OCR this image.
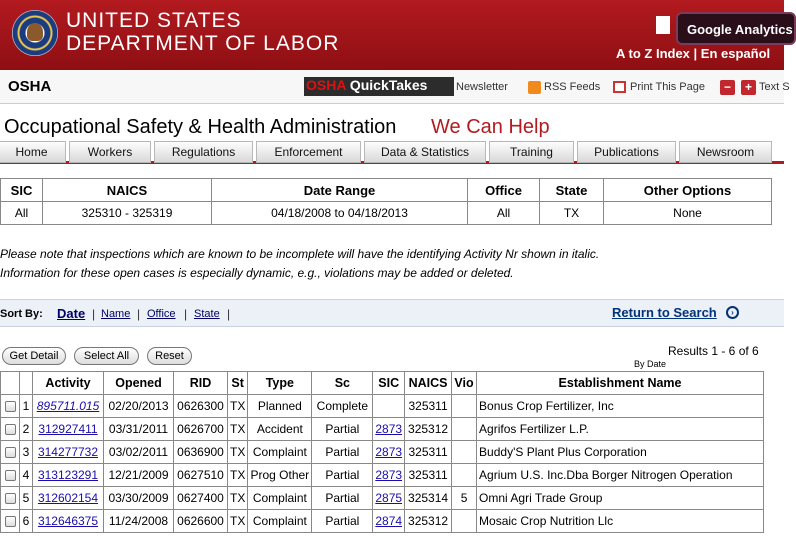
UNITED STATES
DEPARTMENT OF LABOR
Google Analytics
A to Z Index | En español
OSHA	OSHA QuickTakes	Newsletter	RSS Feeds	Print This Page	−	+ Text S
Occupational Safety & Health Administration We Can Help
Home	Workers	Regulations	Enforcement	Data & Statistics	Training	Publications	Newsroom
SIC	NAICS	Date Range	Office	State	Other Options
All	325310 - 325319	04/18/2008 to 04/18/2013	All	TX	None
Please note that inspections which are known to be incomplete will have the identifying Activity Nr shown in italic.
Information for these open cases is especially dynamic, e.g., violations may be added or deleted.
Sort By: Date | Name | Office | State |	Return to Search	›
Get Detail	Select All	Reset	Results 1 - 6 of 6
By Date
		Activity	Opened	RID	St	Type	Sc	SIC	NAICS	Vio	Establishment Name
	1	895711.015	02/20/2013	0626300	TX	Planned	Complete		325311		Bonus Crop Fertilizer, Inc
	2	312927411	03/31/2011	0626700	TX	Accident	Partial	2873	325312		Agrifos Fertilizer L.P.
	3	314277732	03/02/2011	0636900	TX	Complaint	Partial	2873	325311		Buddy'S Plant Plus Corporation
	4	313123291	12/21/2009	0627510	TX	Prog Other	Partial	2873	325311		Agrium U.S. Inc.Dba Borger Nitrogen Operation
	5	312602154	03/30/2009	0627400	TX	Complaint	Partial	2875	325314	5	Omni Agri Trade Group
	6	312646375	11/24/2008	0626600	TX	Complaint	Partial	2874	325312		Mosaic Crop Nutrition Llc
